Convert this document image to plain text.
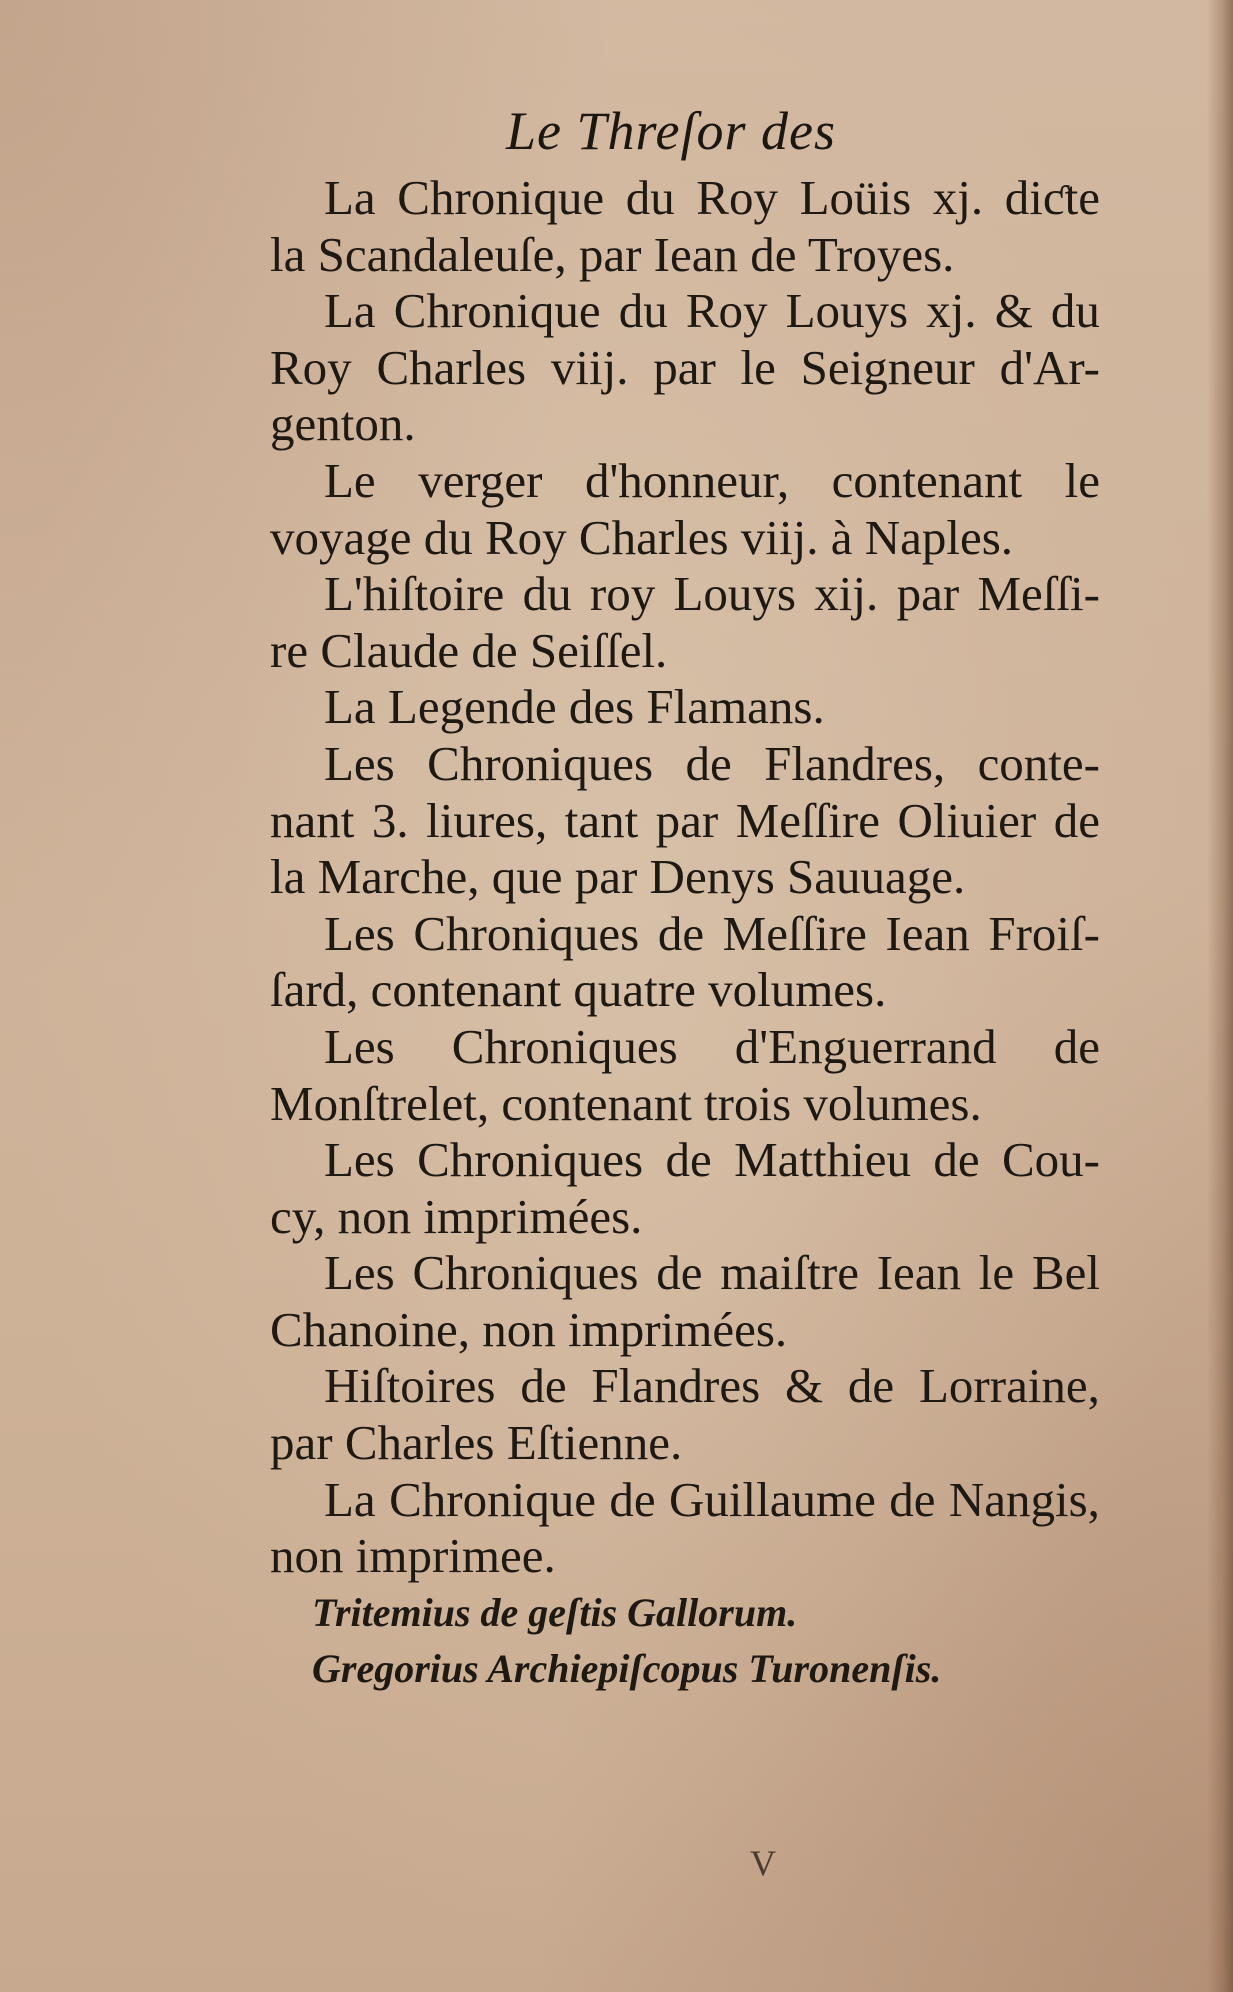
Le Threſor des
La Chronique du Roy Loüis xj. diƈte
la Scandaleuſe, par Iean de Troyes.
La Chronique du Roy Louys xj. & du
Roy Charles viij. par le Seigneur d'Ar-
genton.
Le verger d'honneur, contenant le
voyage du Roy Charles viij. à Naples.
L'hiſtoire du roy Louys xij. par Meſſi-
re Claude de Seiſſel.
La Legende des Flamans.
Les Chroniques de Flandres, conte-
nant 3. liures, tant par Meſſire Oliuier de
la Marche, que par Denys Sauuage.
Les Chroniques de Meſſire Iean Froiſ-
ſard, contenant quatre volumes.
Les Chroniques d'Enguerrand de
Monſtrelet, contenant trois volumes.
Les Chroniques de Matthieu de Cou-
cy, non imprimées.
Les Chroniques de maiſtre Iean le Bel
Chanoine, non imprimées.
Hiſtoires de Flandres & de Lorraine,
par Charles Eſtienne.
La Chronique de Guillaume de Nangis,
non imprimee.
Tritemius de geſtis Gallorum.
Gregorius Archiepiſcopus Turonenſis.
V
